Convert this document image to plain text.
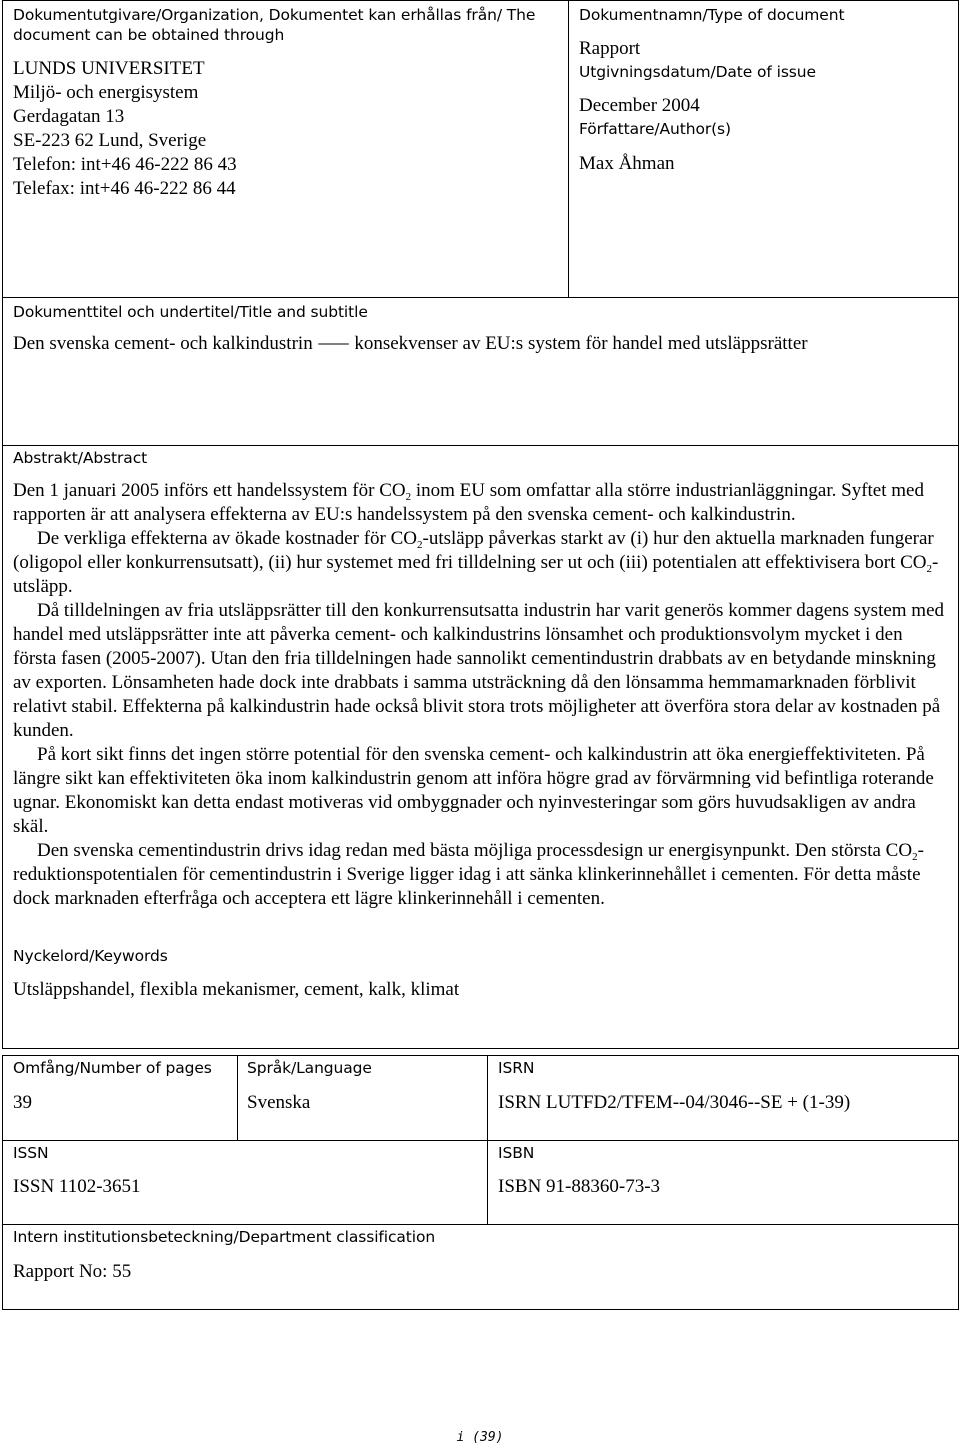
Dokumentutgivare/Organization, Dokumentet kan erhållas från/ The document can be obtained through
LUNDS UNIVERSITET
Miljö- och energisystem
Gerdagatan 13
SE-223 62 Lund, Sverige
Telefon: int+46 46-222 86 43
Telefax: int+46 46-222 86 44
Dokumentnamn/Type of document
Rapport
Utgivningsdatum/Date of issue
December 2004
Författare/Author(s)
Max Åhman
Dokumenttitel och undertitel/Title and subtitle
Den svenska cement- och kalkindustrin ⸺ konsekvenser av EU:s system för handel med utsläppsrätter
Abstrakt/Abstract

Den 1 januari 2005 införs ett handelssystem för $CO_2$ inom EU som omfattar alla större industrianläggningar. Syftet med rapporten är att analysera effekterna av EU:s handelssystem på den svenska cement- och kalkindustrin.

De verkliga effekterna av ökade kostnader för $CO_2$-utsläpp påverkas starkt av (i) hur den aktuella marknaden fungerar (oligopol eller konkurrensutsatt), (ii) hur systemet med fri tilldelning ser ut och (iii) potentialen att effektivisera bort $CO_2$-utsläpp.

Då tilldelningen av fria utsläppsrätter till den konkurrensutsatta industrin har varit generös kommer dagens system med handel med utsläppsrätter inte att påverka cement- och kalkindustrins lönsamhet och produktionsvolym mycket i den första fasen (2005-2007). Utan den fria tilldelningen hade sannolikt cementindustrin drabbats av en betydande minskning av exporten. Lönsamheten hade dock inte drabbats i samma utsträckning då den lönsamma hemmamarknaden förblivit relativt stabil. Effekterna på kalkindustrin hade också blivit stora trots möjligheter att överföra stora delar av kostnaden på kunden.

På kort sikt finns det ingen större potential för den svenska cement- och kalkindustrin att öka energieffektiviteten. På längre sikt kan effektiviteten öka inom kalkindustrin genom att införa högre grad av förvärmning vid befintliga roterande ugnar. Ekonomiskt kan detta endast motiveras vid ombyggnader och nyinvesteringar som görs huvudsakligen av andra skäl.

Den svenska cementindustrin drivs idag redan med bästa möjliga processdesign ur energisynpunkt. Den största $CO_2$-reduktionspotentialen för cementindustrin i Sverige ligger idag i att sänka klinkerinnehållet i cementen. För detta måste dock marknaden efterfråga och acceptera ett lägre klinkerinnehåll i cementen.

Nyckelord/Keywords
Utsläppshandel, flexibla mekanismer, cement, kalk, klimat
Omfång/Number of pages
39
Språk/Language
Svenska
ISRN
ISRN LUTFD2/TFEM--04/3046--SE + (1-39)
ISSN
ISSN 1102-3651
ISBN
ISBN 91-88360-73-3
Intern institutionsbeteckning/Department classification
Rapport No: 55
i (39)
